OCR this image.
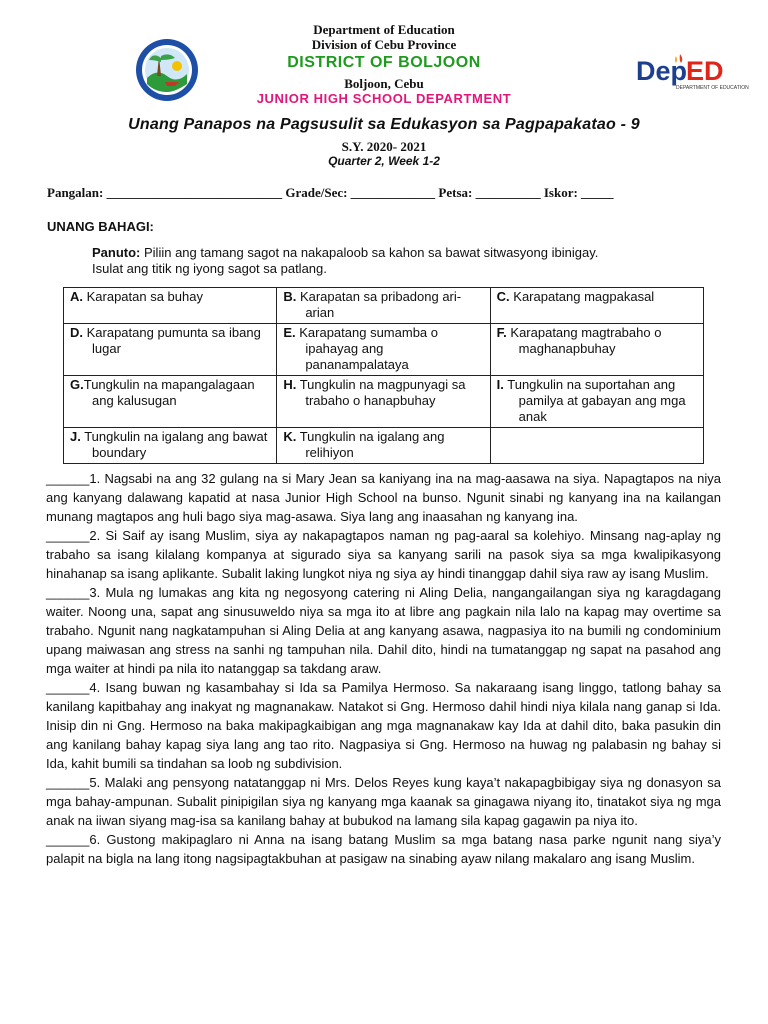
Dep
ED
DEPARTMENT OF EDUCATION
Department of Education
Division of Cebu Province
DISTRICT OF BOLJOON
Boljoon, Cebu
JUNIOR HIGH SCHOOL DEPARTMENT
Unang Panapos na Pagsusulit sa Edukasyon sa Pagpapakatao - 9
S.Y. 2020- 2021
Quarter 2, Week 1-2
Pangalan: ___________________________ Grade/Sec: _____________ Petsa: __________ Iskor: _____
UNANG BAHAGI:
Panuto: Piliin ang tamang sagot na nakapaloob sa kahon sa bawat sitwasyong ibinigay.
Isulat ang titik ng iyong sagot sa patlang.
A. Karapatan sa buhay	B. Karapatan sa pribadong ari-arian	C. Karapatang magpakasal

D. Karapatang pumunta sa ibang lugar	E. Karapatang sumamba o ipahayag ang pananampalataya	F. Karapatang magtrabaho o maghanapbuhay

G.Tungkulin na mapangalagaan ang kalusugan	H. Tungkulin na magpunyagi sa trabaho o hanapbuhay	I. Tungkulin na suportahan ang pamilya at gabayan ang mga anak

J. Tungkulin na igalang ang bawat boundary	K. Tungkulin na igalang ang relihiyon	

______1. Nagsabi na ang 32 gulang na si Mary Jean sa kaniyang ina na mag-aasawa na siya. Napagtapos na niya ang kanyang dalawang kapatid at nasa Junior High School na bunso. Ngunit sinabi ng kanyang ina na kailangan munang magtapos ang huli bago siya mag-asawa. Siya lang ang inaasahan ng kanyang ina.

______2. Si Saif ay isang Muslim, siya ay nakapagtapos naman ng pag-aaral sa kolehiyo. Minsang nag-aplay ng trabaho sa isang kilalang kompanya at sigurado siya sa kanyang sarili na pasok siya sa mga kwalipikasyong hinahanap sa isang aplikante. Subalit laking lungkot niya ng siya ay hindi tinanggap dahil siya raw ay isang Muslim.

______3. Mula ng lumakas ang kita ng negosyong catering ni Aling Delia, nangangailangan siya ng karagdagang waiter. Noong una, sapat ang sinusuweldo niya sa mga ito at libre ang pagkain nila lalo na kapag may overtime sa trabaho. Ngunit nang nagkatampuhan si Aling Delia at ang kanyang asawa, nagpasiya ito na bumili ng condominium upang maiwasan ang stress na sanhi ng tampuhan nila. Dahil dito, hindi na tumatanggap ng sapat na pasahod ang mga waiter at hindi pa nila ito natanggap sa takdang araw.

______4. Isang buwan ng kasambahay si Ida sa Pamilya Hermoso. Sa nakaraang isang linggo, tatlong bahay sa kanilang kapitbahay ang inakyat ng magnanakaw. Natakot si Gng. Hermoso dahil hindi niya kilala nang ganap si Ida. Inisip din ni Gng. Hermoso na baka makipagkaibigan ang mga magnanakaw kay Ida at dahil dito, baka pasukin din ang kanilang bahay kapag siya lang ang tao rito. Nagpasiya si Gng. Hermoso na huwag ng palabasin ng bahay si Ida, kahit bumili sa tindahan sa loob ng subdivision.

______5. Malaki ang pensyong natatanggap ni Mrs. Delos Reyes kung kaya’t nakapagbibigay siya ng donasyon sa mga bahay-ampunan. Subalit pinipigilan siya ng kanyang mga kaanak sa ginagawa niyang ito, tinatakot siya ng mga anak na iiwan siyang mag-isa sa kanilang bahay at bubukod na lamang sila kapag gagawin pa niya ito.

______6. Gustong makipaglaro ni Anna na isang batang Muslim sa mga batang nasa parke ngunit nang siya’y palapit na bigla na lang itong nagsipagtakbuhan at pasigaw na sinabing ayaw nilang makalaro ang isang Muslim.
